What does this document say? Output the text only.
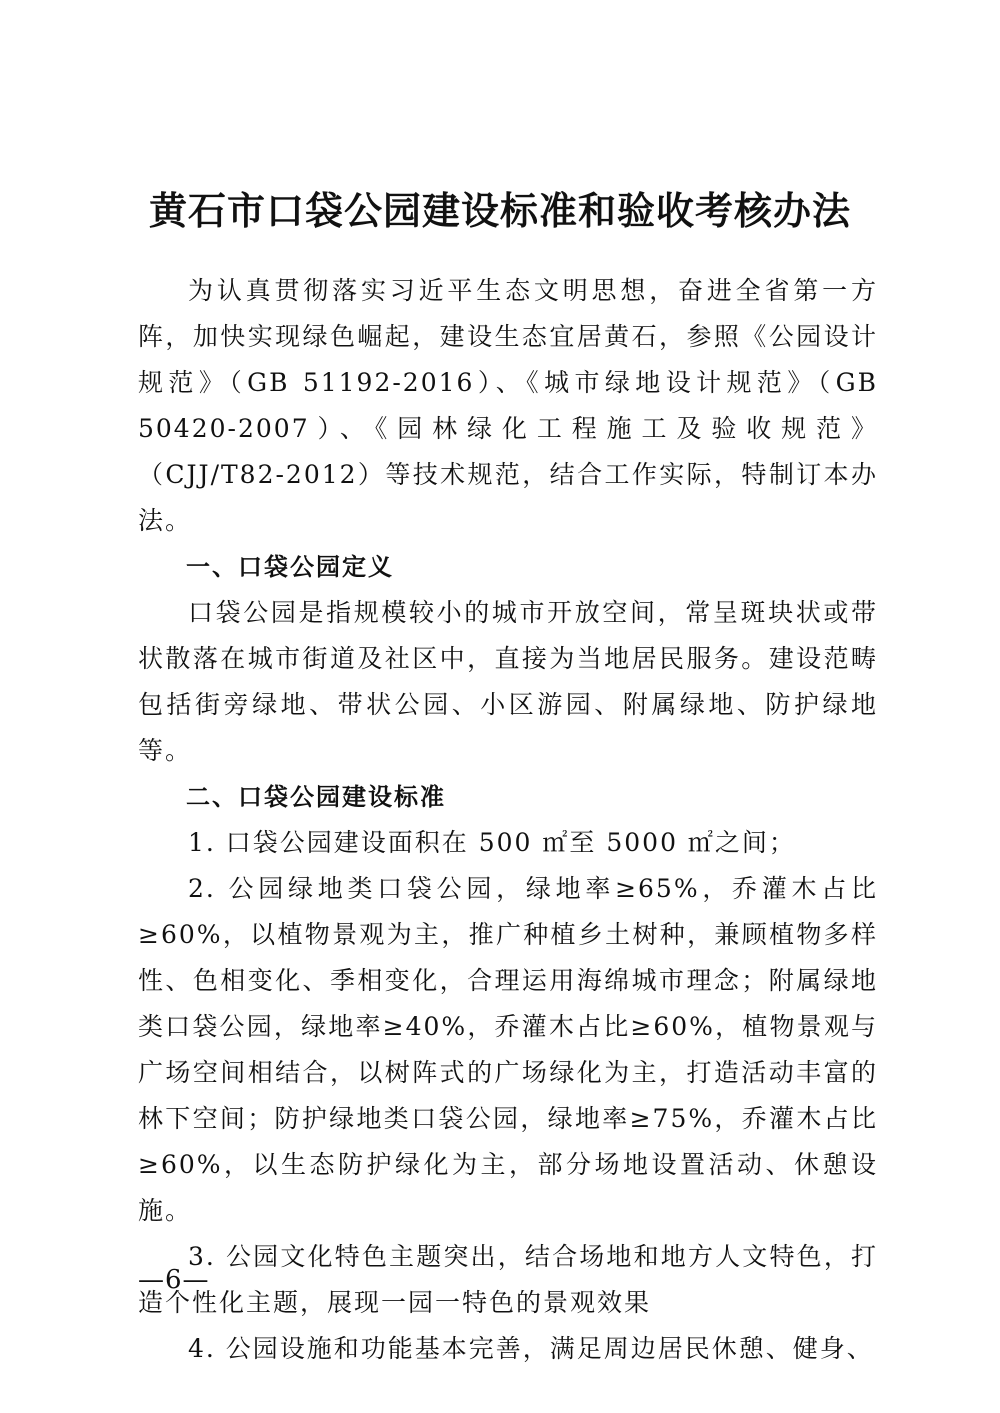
黄石市口袋公园建设标准和验收考核办法

为认真贯彻落实习近平生态文明思想，奋进全省第一方阵，加快实现绿色崛起，建设生态宜居黄石，参照《公园设计规范》（GB 51192-2016）、《城市绿地设计规范》（GB 50420-2007）、《园林绿化工程施工及验收规范》（CJJ/T82-2012）等技术规范，结合工作实际，特制订本办法。

一、口袋公园定义

口袋公园是指规模较小的城市开放空间，常呈斑块状或带状散落在城市街道及社区中，直接为当地居民服务。建设范畴包括街旁绿地、带状公园、小区游园、附属绿地、防护绿地等。

二、口袋公园建设标准

1. 口袋公园建设面积在 500 ㎡至 5000 ㎡之间；

2. 公园绿地类口袋公园，绿地率≥65%，乔灌木占比≥60%，以植物景观为主，推广种植乡土树种，兼顾植物多样性、色相变化、季相变化，合理运用海绵城市理念；附属绿地类口袋公园，绿地率≥40%，乔灌木占比≥60%，植物景观与广场空间相结合，以树阵式的广场绿化为主，打造活动丰富的林下空间；防护绿地类口袋公园，绿地率≥75%，乔灌木占比≥60%，以生态防护绿化为主，部分场地设置活动、休憩设施。

3. 公园文化特色主题突出，结合场地和地方人文特色，打造个性化主题，展现一园一特色的景观效果

4. 公园设施和功能基本完善，满足周边居民休憩、健身、

—6—
